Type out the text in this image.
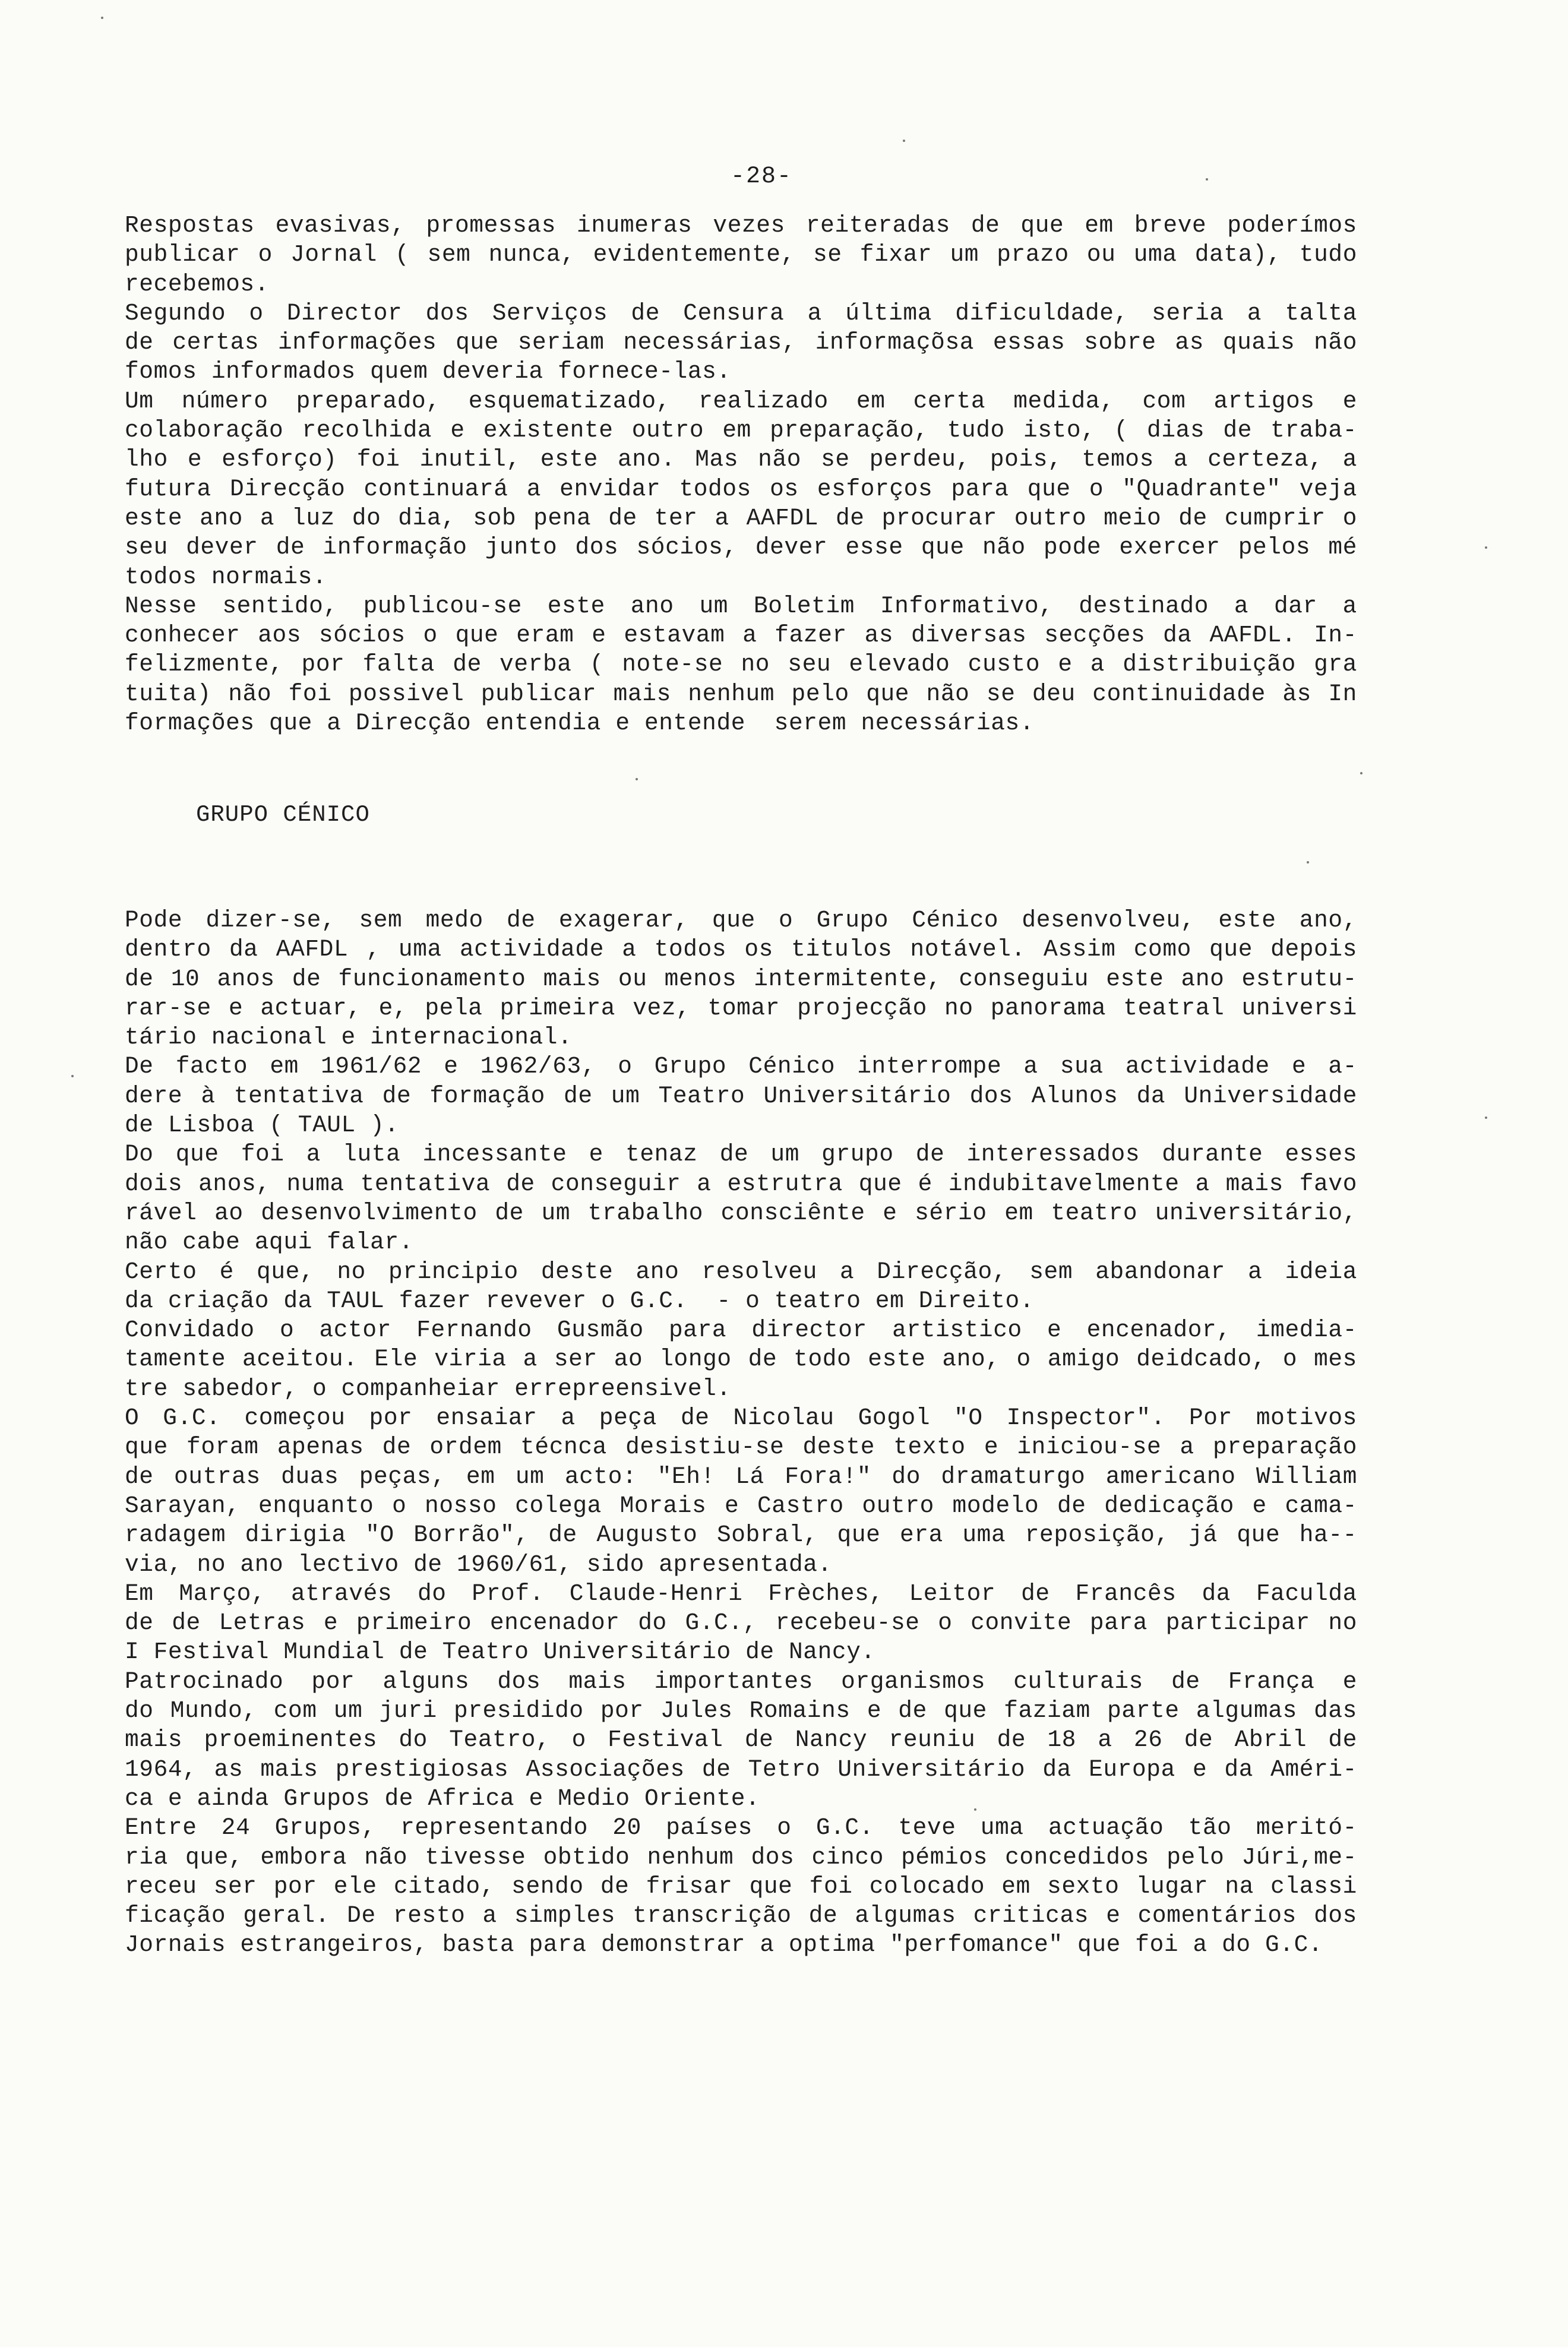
-28-
Respostas evasivas, promessas inumeras vezes reiteradas de que em breve poderímos
publicar o Jornal ( sem nunca, evidentemente, se fixar um prazo ou uma data), tudo
recebemos.
Segundo o Director dos Serviços de Censura a última dificuldade, seria a talta
de certas informações que seriam necessárias, informaçõsa essas sobre as quais não
fomos informados quem deveria fornece-las.
Um número preparado, esquematizado, realizado em certa medida, com artigos e
colaboração recolhida e existente outro em preparação, tudo isto, ( dias de traba-
lho e esforço) foi inutil, este ano. Mas não se perdeu, pois, temos a certeza, a
futura Direcção continuará a envidar todos os esforços para que o "Quadrante" veja
este ano a luz do dia, sob pena de ter a AAFDL de procurar outro meio de cumprir o
seu dever de informação junto dos sócios, dever esse que não pode exercer pelos mé
todos normais.
Nesse sentido, publicou-se este ano um Boletim Informativo, destinado a dar a
conhecer aos sócios o que eram e estavam a fazer as diversas secções da AAFDL. In-
felizmente, por falta de verba ( note-se no seu elevado custo e a distribuição gra
tuita) não foi possivel publicar mais nenhum pelo que não se deu continuidade às In
formações que a Direcção entendia e entende  serem necessárias.
GRUPO CÉNICO
Pode dizer-se, sem medo de exagerar, que o Grupo Cénico desenvolveu, este ano,
dentro da AAFDL , uma actividade a todos os titulos notável. Assim como que depois
de 10 anos de funcionamento mais ou menos intermitente, conseguiu este ano estrutu-
rar-se e actuar, e, pela primeira vez, tomar projecção no panorama teatral universi
tário nacional e internacional.
De facto em 1961/62 e 1962/63, o Grupo Cénico interrompe a sua actividade e a-
dere à tentativa de formação de um Teatro Universitário dos Alunos da Universidade
de Lisboa ( TAUL ).
Do que foi a luta incessante e tenaz de um grupo de interessados durante esses
dois anos, numa tentativa de conseguir a estrutra que é indubitavelmente a mais favo
rável ao desenvolvimento de um trabalho consciênte e sério em teatro universitário,
não cabe aqui falar.
Certo é que, no principio deste ano resolveu a Direcção, sem abandonar a ideia
da criação da TAUL fazer revever o G.C.  - o teatro em Direito.
Convidado o actor Fernando Gusmão para director artistico e encenador, imedia-
tamente aceitou. Ele viria a ser ao longo de todo este ano, o amigo deidcado, o mes
tre sabedor, o companheiar errepreensivel.
O G.C. começou por ensaiar a peça de Nicolau Gogol "O Inspector". Por motivos
que foram apenas de ordem técnca desistiu-se deste texto e iniciou-se a preparação
de outras duas peças, em um acto: "Eh! Lá Fora!" do dramaturgo americano William
Sarayan, enquanto o nosso colega Morais e Castro outro modelo de dedicação e cama-
radagem dirigia "O Borrão", de Augusto Sobral, que era uma reposição, já que ha--
via, no ano lectivo de 1960/61, sido apresentada.
Em Março, através do Prof. Claude-Henri Frèches, Leitor de Francês da Faculda
de de Letras e primeiro encenador do G.C., recebeu-se o convite para participar no
I Festival Mundial de Teatro Universitário de Nancy.
Patrocinado por alguns dos mais importantes organismos culturais de França e
do Mundo, com um juri presidido por Jules Romains e de que faziam parte algumas das
mais proeminentes do Teatro, o Festival de Nancy reuniu de 18 a 26 de Abril de
1964, as mais prestigiosas Associações de Tetro Universitário da Europa e da Améri-
ca e ainda Grupos de Africa e Medio Oriente.
Entre 24 Grupos, representando 20 países o G.C. teve uma actuação tão meritó-
ria que, embora não tivesse obtido nenhum dos cinco pémios concedidos pelo Júri,me-
receu ser por ele citado, sendo de frisar que foi colocado em sexto lugar na classi
ficação geral. De resto a simples transcrição de algumas criticas e comentários dos
Jornais estrangeiros, basta para demonstrar a optima "perfomance" que foi a do G.C.
